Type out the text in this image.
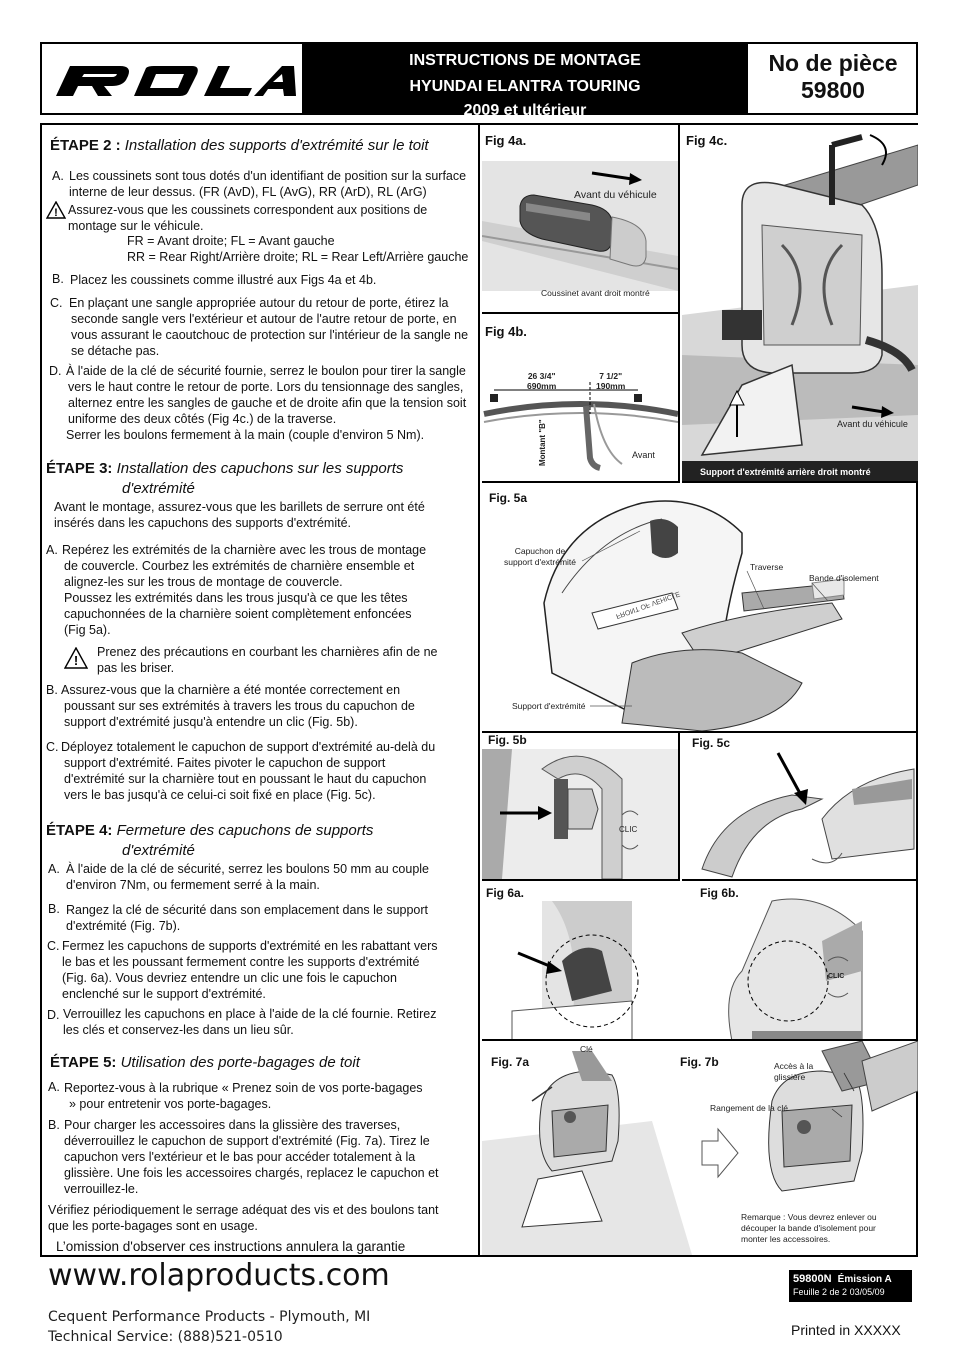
INSTRUCTIONS DE MONTAGE
HYUNDAI ELANTRA TOURING
2009 et ultérieur
No de pièce
59800
ÉTAPE 2 : Installation des supports d'extrémité sur le toit
A. Les coussinets sont tous dotés d'un identifiant de position sur la surface
interne de leur dessus. (FR (AvD), FL (AvG), RR (ArD), RL (ArG)
! Assurez-vous que les coussinets correspondent aux positions de
montage sur le véhicule.
FR = Avant droite; FL = Avant gauche
RR = Rear Right/Arrière droite; RL = Rear Left/Arrière gauche
B. Placez les coussinets comme illustré aux Figs 4a et 4b.
C. En plaçant une sangle appropriée autour du retour de porte, étirez la
seconde sangle vers l'extérieur et autour de l'autre retour de porte, en
vous assurant le caoutchouc de protection sur l'intérieur de la sangle ne
se détache pas.
D. À l'aide de la clé de sécurité fournie, serrez le boulon pour tirer la sangle
vers le haut contre le retour de porte. Lors du tensionnage des sangles,
alternez entre les sangles de gauche et de droite afin que la tension soit
uniforme des deux côtés (Fig 4c.) de la traverse.
Serrer les boulons fermement à la main (couple d'environ 5 Nm).
ÉTAPE 3: Installation des capuchons sur les supports
d'extrémité
Avant le montage, assurez-vous que les barillets de serrure ont été
insérés dans les capuchons des supports d'extrémité.
A. Repérez les extrémités de la charnière avec les trous de montage
de couvercle. Courbez les extrémités de charnière ensemble et
alignez-les sur les trous de montage de couvercle.
Poussez les extrémités dans les trous jusqu'à ce que les têtes
capuchonnées de la charnière soient complètement enfoncées
(Fig 5a).
!
Prenez des précautions en courbant les charnières afin de ne
pas les briser.
B. Assurez-vous que la charnière a été montée correctement en
poussant sur ses extrémités à travers les trous du capuchon de
support d'extrémité jusqu'à entendre un clic (Fig. 5b).
C. Déployez totalement le capuchon de support d'extrémité au-delà du
support d'extrémité. Faites pivoter le capuchon de support
d'extrémité sur la charnière tout en poussant le haut du capuchon
vers le bas jusqu'à ce celui-ci soit fixé en place (Fig. 5c).
ÉTAPE 4: Fermeture des capuchons de supports
d'extrémité
A. À l'aide de la clé de sécurité, serrez les boulons 50 mm au couple
d'environ 7Nm, ou fermement serré à la main.
B. Rangez la clé de sécurité dans son emplacement dans le support
d'extrémité (Fig. 7b).
C. Fermez les capuchons de supports d'extrémité en les rabattant vers
le bas et les poussant fermement contre les supports d'extrémité
(Fig. 6a). Vous devriez entendre un clic une fois le capuchon
enclenché sur le support d'extrémité.
D. Verrouillez les capuchons en place à l'aide de la clé fournie. Retirez
les clés et conservez-les dans un lieu sûr.
ÉTAPE 5: Utilisation des porte-bagages de toit
A. Reportez-vous à la rubrique « Prenez soin de vos porte-bagages
» pour entretenir vos porte-bagages.
B. Pour charger les accessoires dans la glissière des traverses,
déverrouillez le capuchon de support d'extrémité (Fig. 7a). Tirez le
capuchon vers l'extérieur et le bas pour accéder totalement à la
glissière. Une fois les accessoires chargés, replacez le capuchon et
verrouillez-le.
Vérifiez périodiquement le serrage adéquat des vis et des boulons tant
que les porte-bagages sont en usage.
L’omission d'observer ces instructions annulera la garantie
Fig 4a.
Avant du véhicule
Coussinet avant droit montré
Fig 4b.
26 3/4"
690mm
7 1/2"
190mm
Montant "B"	Avant
Fig 4c.
Avant du véhicule
Support d'extrémité arrière droit montré
Fig. 5a
Capuchon de
support d'extrémité	Traverse
Bande d'isolement
Support d'extrémité
FRONT OF VEHICLE
Fig. 5b
CLIC
Fig. 5c
Fig 6a.	Fig 6b.
CLIC
Fig. 7a	Fig. 7b
Clé
Accès à la
glissière
Rangement de la clé
Remarque : Vous devrez enlever ou
découper la bande d'isolement pour
monter les accessoires.
www.rolaproducts.com
Cequent Performance Products - Plymouth, MI
Technical Service: (888)521-0510
59800N Émission A
Feuille 2 de 2 03/05/09
Printed in XXXXX
